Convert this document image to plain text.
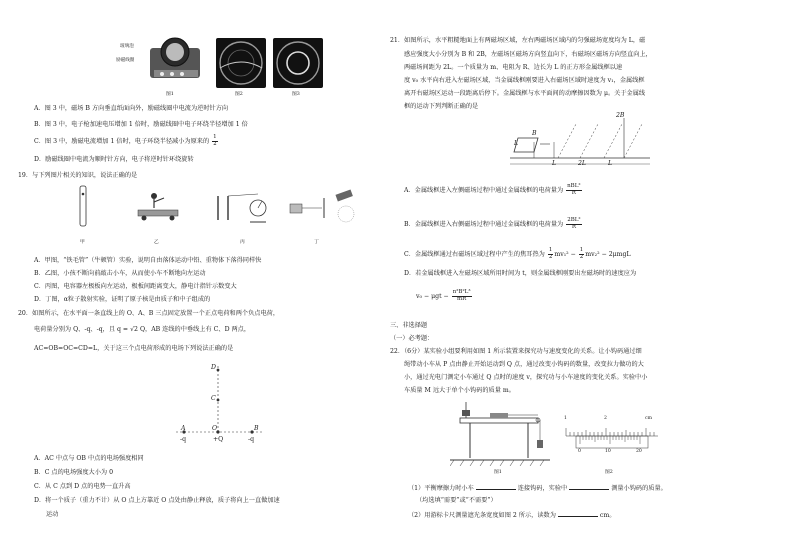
玻璃泡
励磁线圈
图1	图2	图3
A．图 3 中，磁场 B 方向垂直纸面向外，励磁线圈中电流为逆时针方向
B．图 3 中，电子枪加速电压增加 1 倍时，励磁线圈中电子环绕半径增加 1 倍
C．图 3 中，励磁电流增加 1 倍时，电子环绕半径减小为原来的 $\frac{1}{2}$
D．励磁线圈中电流为顺时针方向，电子将逆时针环绕旋转
19．与下列图片相关的知识，说法正确的是
甲	乙	丙	丁
A．甲图，“铁毛管”（牛顿管）实验，说明自由落体运动中铅、重物体下落得同样快
B．乙图，小孩不断向前敲击小车，从而使小车不断地向左运动
C．丙图，电容器左极板向左运动，极板间距离变大，静电计指针示数变大
D．丁图，α粒子散射实验，证明了原子核是由质子和中子组成的
20．如图所示，在水平面一条直线上的 O、A、B 三点固定放置一个正点电荷和两个负点电荷，
电荷量分别为 Q、-q、-q，且 q = √2 Q，AB 连线的中垂线上有 C、D 两点，
AC=OB=OC=CD=L，关于这三个点电荷形成的电场下列说法正确的是
D
C
A	O	B
-q	+Q	-q
A．AC 中点与 OB 中点的电场强度相同
B．C 点的电场强度大小为 0
C．从 C 点到 D 点的电势一直升高
D．将一个质子（重力不计）从 O 点上方靠近 O 点处由静止释放，质子将向上一直做加速
运动
21．如图所示，水平粗糙地面上有两磁场区域，左右两磁场区域内的匀强磁场宽度均为 L，磁
感应强度大小分别为 B 和 2B，左磁场区磁场方向竖直向下，右磁场区磁场方向竖直向上，
两磁场间距为 2L。一个质量为 m、电阻为 R、边长为 L 的正方形金属线框以速
度 v₀ 水平向右进入左磁场区域，当金属线框刚要进入右磁场区域时速度为 v₁，金属线框
离开右磁场区运动一段距离后停下。金属线框与水平面间的动摩擦因数为 μ。关于金属线
框的运动下列判断正确的是
2B
B
L
L	2L	L
A．金属线框进入左侧磁场过程中通过金属线框的电荷量为 $\frac{\text{nBL²}}{R}$
B．金属线框进入右侧磁场过程中通过金属线框的电荷量为 $\frac{\text{2BL²}}{R}$
C．金属线框通过右磁场区域过程中产生的焦耳热为 $\frac{1}{2} mv_1^2 - \frac{1}{2} mv_2^2 - 2\mu mgL$
D．若金属线框进入左磁场区域所用时间为 t，则金属线框刚要出左磁场时的速度应为
$v_0 - \mu gt - \frac{\text{n²B²L³}}{mR}$
三、非选择题
（一）必考题：
22．（6分）某实验小组要利用如图 1 所示装置来探究功与速度变化的关系。让小钩码通过细
绳带动小车从 P 点由静止开始运动到 Q 点，通过改变小钩码的数量，改变拉力做功的大
小，通过光电门测定小车通过 Q 点时的速度 v，探究功与小车速度的变化关系。实验中小
车质量 M 远大于单个小钩码的质量 m。
图1
1	2	cm
0	10	20
图2
（1）平衡摩擦力时小车	连接钩码，实验中	测量小钩码的质量。
（均选填“需要”或“不需要”）
（2）用游标卡尺测量遮光条宽度如图 2 所示，读数为	cm。
